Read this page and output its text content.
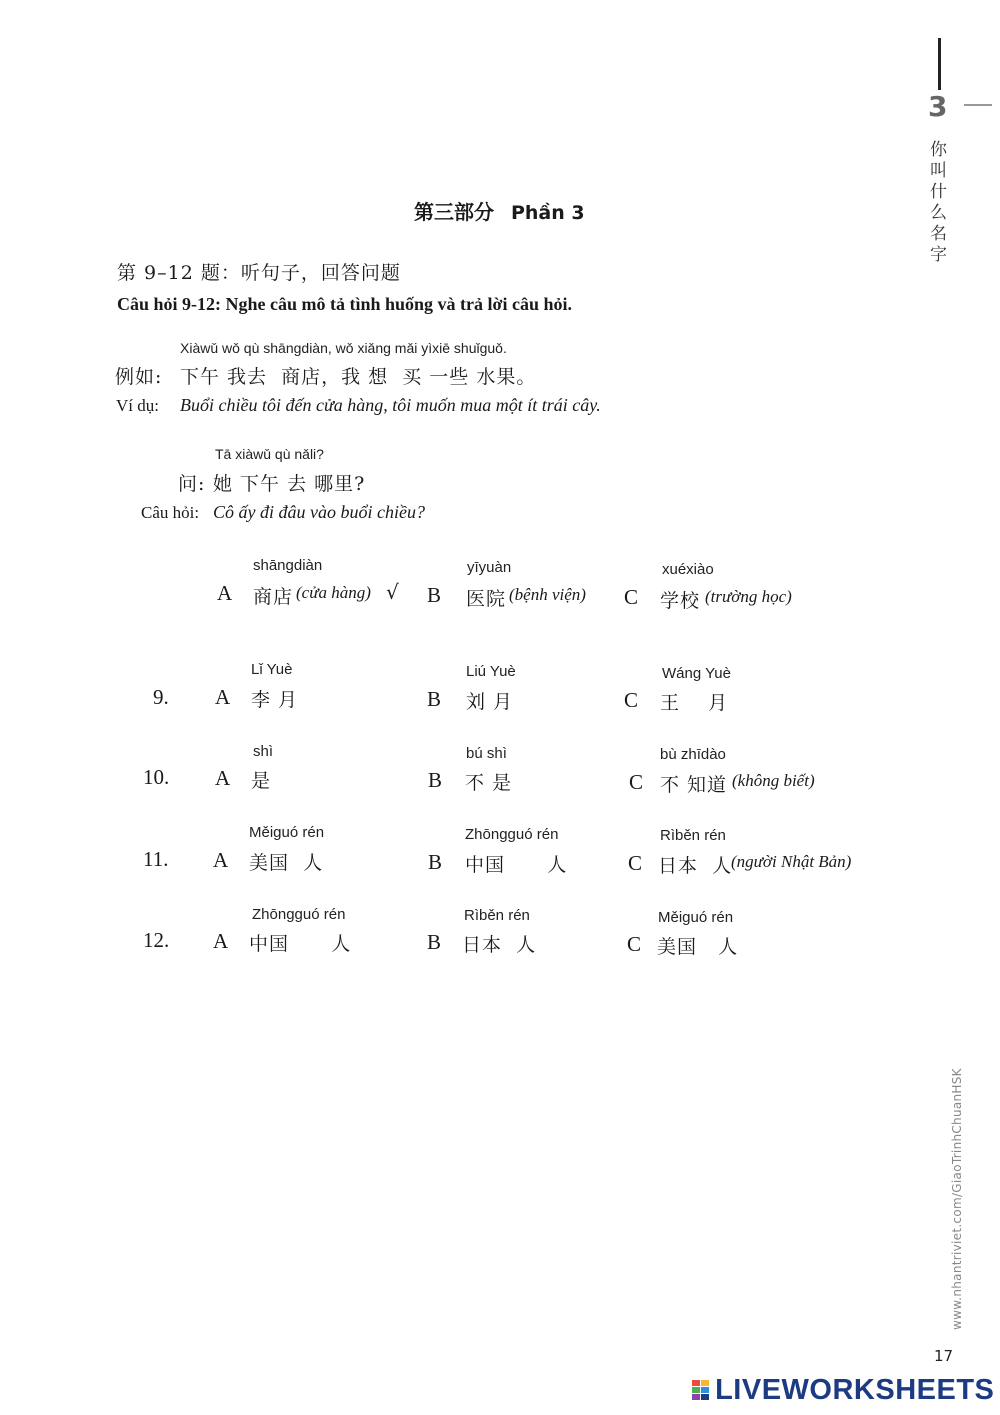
3
你
叫
什
么
名
字
第三部分 Phần 3
第 9–12 题：听句子，回答问题
Câu hỏi 9-12: Nghe câu mô tả tình huống và trả lời câu hỏi.
Xiàwǔ wǒ qù shāngdiàn, wǒ xiǎng mǎi yìxiē shuǐguǒ.
例如: 下午 我去  商店，我 想  买 一些 水果。
Ví dụ: Buổi chiều tôi đến cửa hàng, tôi muốn mua một ít trái cây.
Tā xiàwǔ qù nǎli?
问: 她 下午 去 哪里?
Câu hỏi: Cô ấy đi đâu vào buổi chiều?
shāngdiàn
A 商店 (cửa hàng) √
yīyuàn
B 医院 (bệnh viện)
xuéxiào
C 学校 (trường học)
9.
Lǐ Yuè
A 李 月
Liú Yuè
B 刘 月
Wáng Yuè
C 王    月
10.
shì
A 是
bú shì
B 不 是
bù zhīdào
C 不 知道 (không biết)
11.
Měiguó rén
A 美国  人
Zhōngguó rén
B 中国      人
Rìběn rén
C 日本  人
(người Nhật Bản)
12.
Zhōngguó rén
A 中国      人
Rìběn rén
B 日本  人
Měiguó rén
C 美国   人
www.nhantriviet.com/GiaoTrinhChuanHSK
17
LIVEWORKSHEETS
